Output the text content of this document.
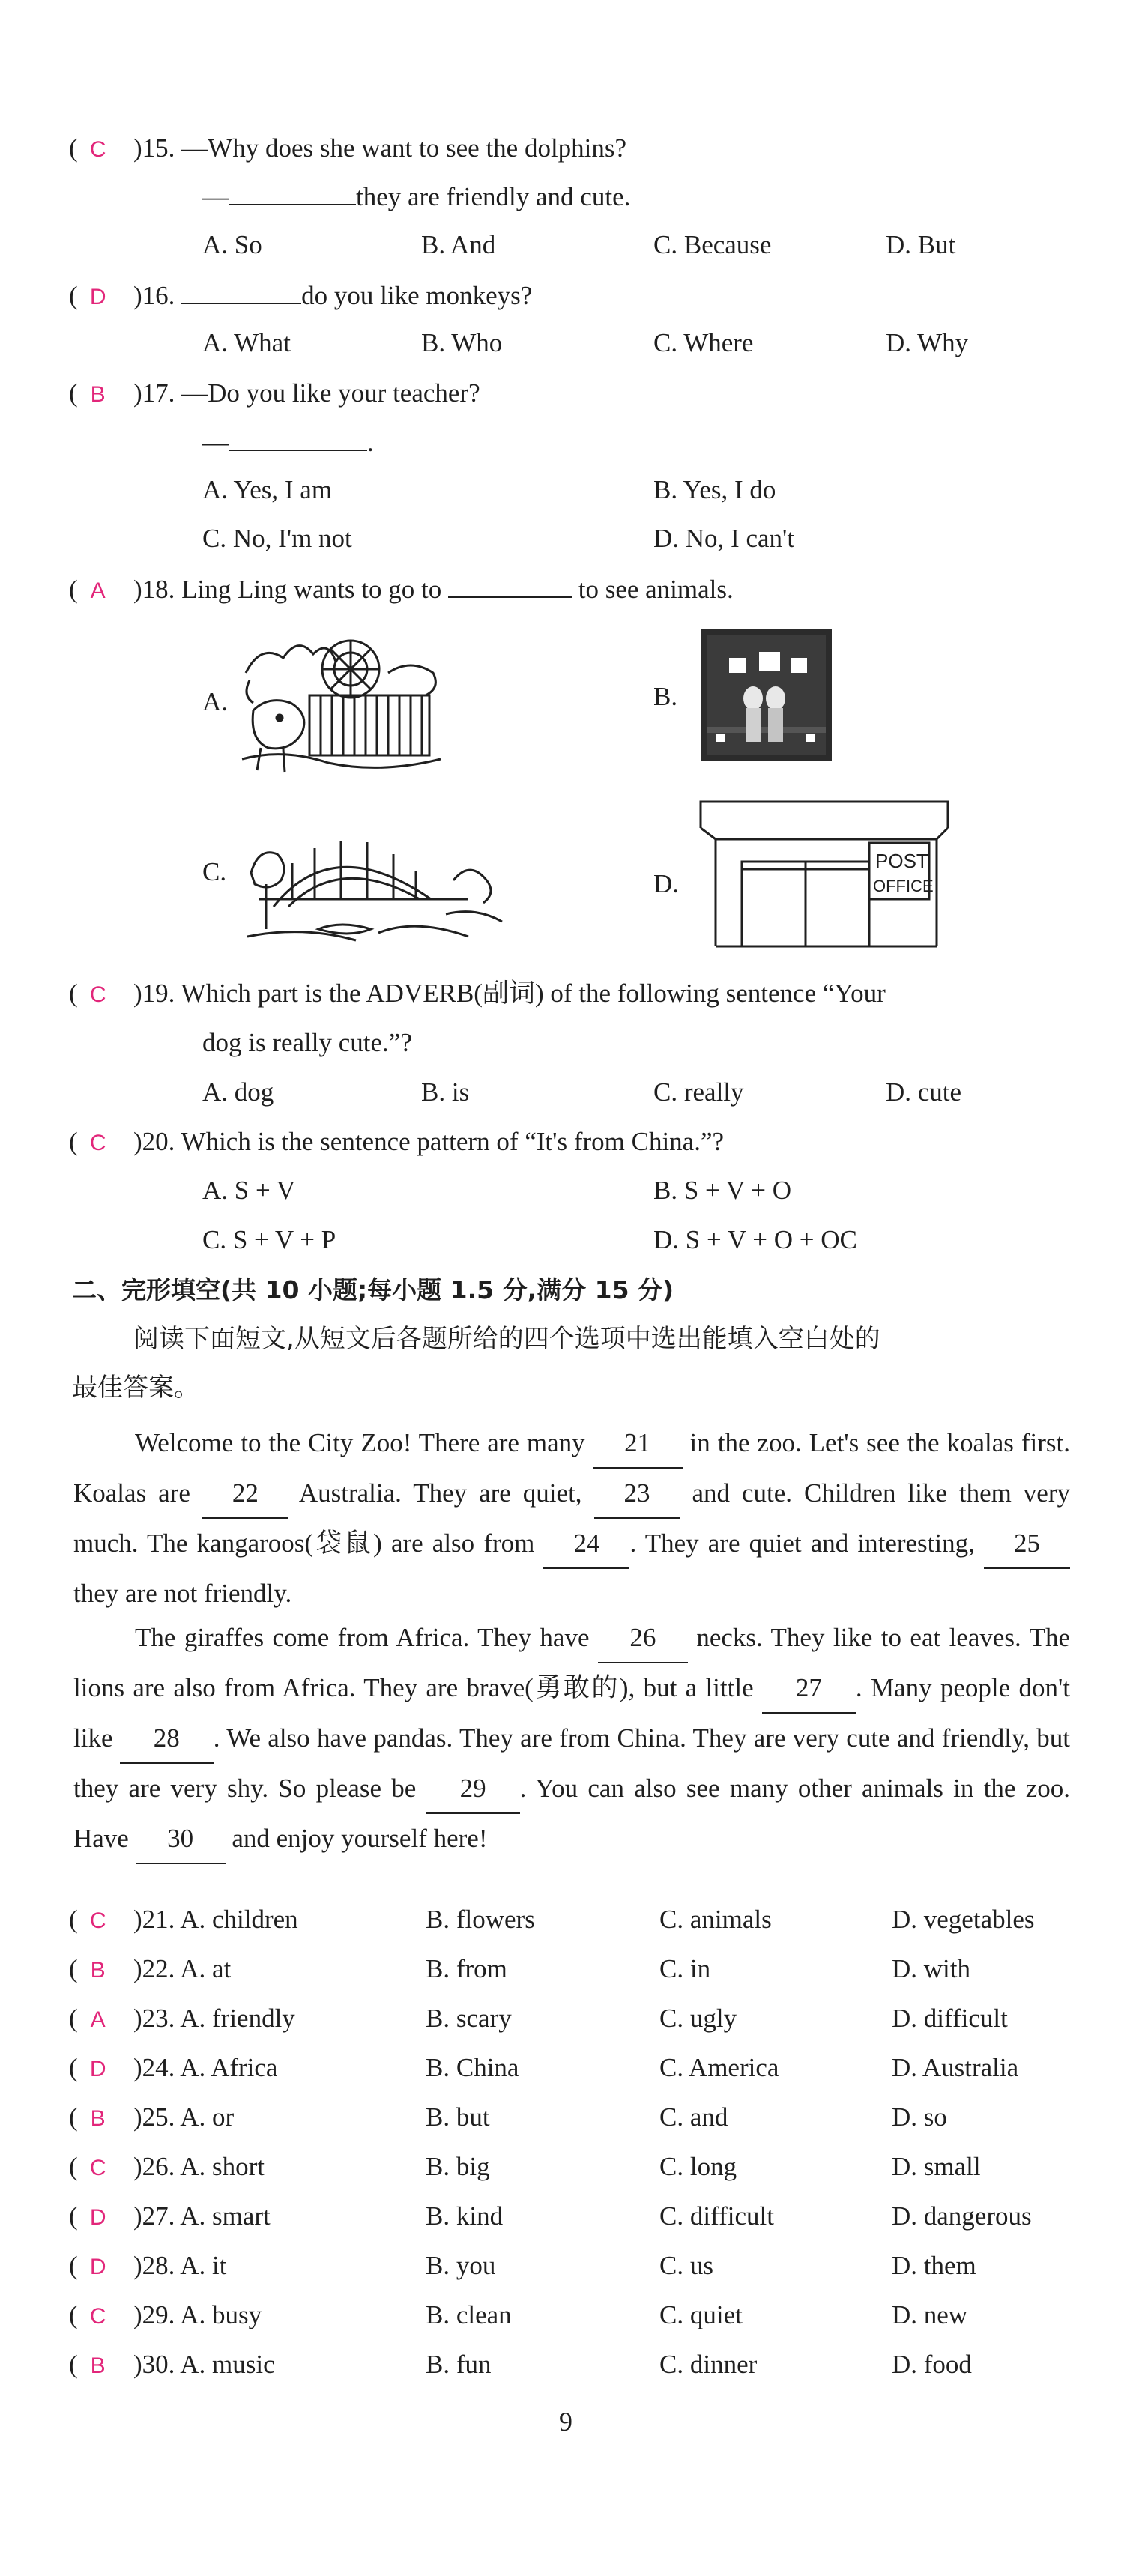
( C )15. —Why does she want to see the dolphins?
—	they are friendly and cute.
A. So	B. And	C. Because	D. But
( D )16.	do you like monkeys?
A. What	B. Who	C. Where	D. Why
( B )17. —Do you like your teacher?
—	.
A. Yes, I am	B. Yes, I do
C. No, I'm not	D. No, I can't
( A )18. Ling Ling wants to go to	to see animals.
A.	B.
C.	D.
POST
OFFICE
( C )19. Which part is the ADVERB(副词) of the following sentence “Your
dog is really cute.”?
A. dog	B. is	C. really	D. cute
( C )20. Which is the sentence pattern of “It's from China.”?
A. S + V	B. S + V + O
C. S + V + P	D. S + V + O + OC
二、完形填空(共 10 小题;每小题 1.5 分,满分 15 分)
阅读下面短文,从短文后各题所给的四个选项中选出能填入空白处的
最佳答案。
Welcome to the City Zoo! There are many 21 in the zoo. Let's see the koalas first. Koalas are 22 Australia. They are quiet, 23 and cute. Children like them very much. The kangaroos(袋鼠) are also from 24 . They are quiet and interesting, 25 they are not friendly.
The giraffes come from Africa. They have 26 necks. They like to eat leaves. The lions are also from Africa. They are brave(勇敢的), but a little 27 . Many people don't like 28 . We also have pandas. They are from China. They are very cute and friendly, but they are very shy. So please be 29 . You can also see many other animals in the zoo. Have 30 and enjoy yourself here!
( C )21. A. children	B. flowers	C. animals	D. vegetables
( B )22. A. at	B. from	C. in	D. with
( A )23. A. friendly	B. scary	C. ugly	D. difficult
( D )24. A. Africa	B. China	C. America	D. Australia
( B )25. A. or	B. but	C. and	D. so
( C )26. A. short	B. big	C. long	D. small
( D )27. A. smart	B. kind	C. difficult	D. dangerous
( D )28. A. it	B. you	C. us	D. them
( C )29. A. busy	B. clean	C. quiet	D. new
( B )30. A. music	B. fun	C. dinner	D. food
9
